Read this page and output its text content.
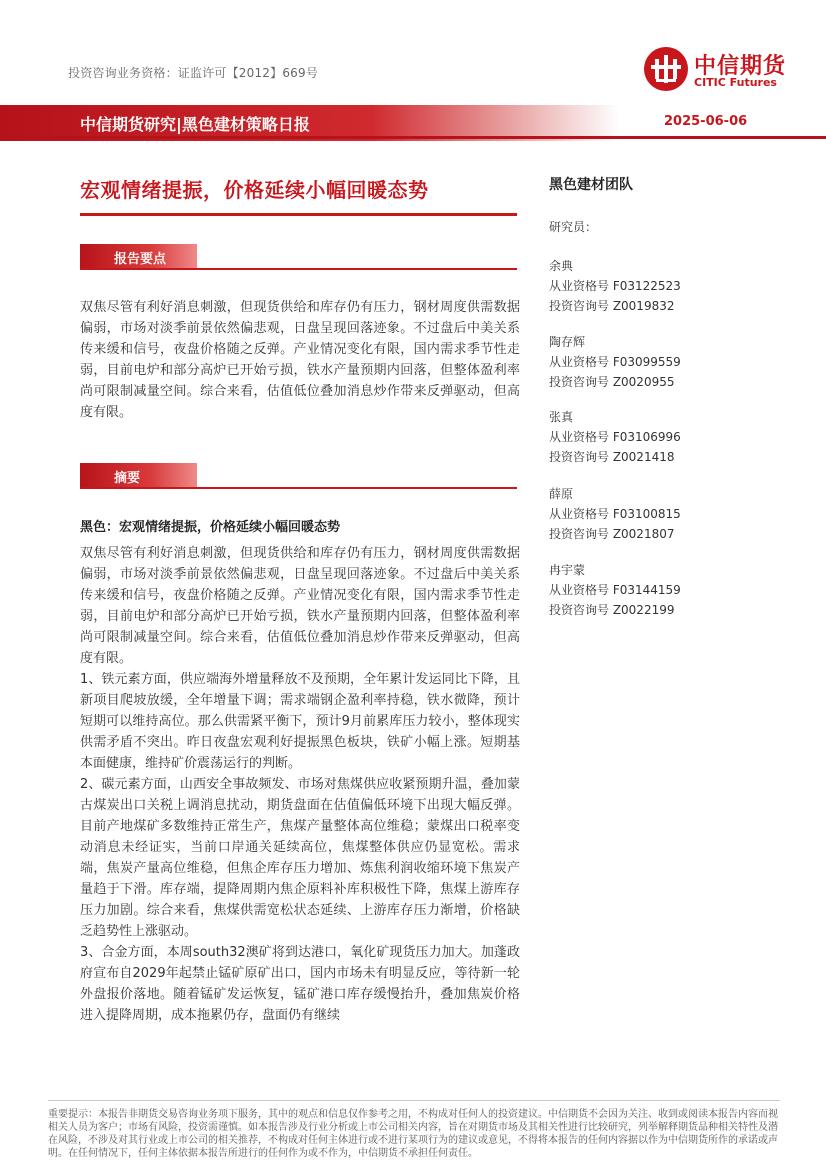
投资咨询业务资格：证监许可【2012】669号	中信期货
CITIC Futures
中信期货研究|黑色建材策略日报	2025-06-06
宏观情绪提振，价格延续小幅回暖态势
报告要点

双焦尽管有利好消息刺激，但现货供给和库存仍有压力，钢材周度供需数据偏弱，市场对淡季前景依然偏悲观，日盘呈现回落迹象。不过盘后中美关系传来缓和信号，夜盘价格随之反弹。产业情况变化有限，国内需求季节性走弱，目前电炉和部分高炉已开始亏损，铁水产量预期内回落，但整体盈利率尚可限制减量空间。综合来看，估值低位叠加消息炒作带来反弹驱动，但高度有限。

摘要
黑色：宏观情绪提振，价格延续小幅回暖态势

双焦尽管有利好消息刺激，但现货供给和库存仍有压力，钢材周度供需数据偏弱，市场对淡季前景依然偏悲观，日盘呈现回落迹象。不过盘后中美关系传来缓和信号，夜盘价格随之反弹。产业情况变化有限，国内需求季节性走弱，目前电炉和部分高炉已开始亏损，铁水产量预期内回落，但整体盈利率尚可限制减量空间。综合来看，估值低位叠加消息炒作带来反弹驱动，但高度有限。

1、铁元素方面，供应端海外增量释放不及预期，全年累计发运同比下降，且新项目爬坡放缓，全年增量下调；需求端钢企盈利率持稳，铁水微降，预计短期可以维持高位。那么供需紧平衡下，预计9月前累库压力较小，整体现实供需矛盾不突出。昨日夜盘宏观利好提振黑色板块，铁矿小幅上涨。短期基本面健康，维持矿价震荡运行的判断。

2、碳元素方面，山西安全事故频发、市场对焦煤供应收紧预期升温，叠加蒙古煤炭出口关税上调消息扰动，期货盘面在估值偏低环境下出现大幅反弹。目前产地煤矿多数维持正常生产，焦煤产量整体高位维稳；蒙煤出口税率变动消息未经证实，当前口岸通关延续高位，焦煤整体供应仍显宽松。需求端，焦炭产量高位维稳，但焦企库存压力增加、炼焦利润收缩环境下焦炭产量趋于下滑。库存端，提降周期内焦企原料补库积极性下降，焦煤上游库存压力加剧。综合来看，焦煤供需宽松状态延续、上游库存压力渐增，价格缺乏趋势性上涨驱动。

3、合金方面，本周south32澳矿将到达港口，氧化矿现货压力加大。加蓬政府宣布自2029年起禁止锰矿原矿出口，国内市场未有明显反应，等待新一轮外盘报价落地。随着锰矿发运恢复，锰矿港口库存缓慢抬升，叠加焦炭价格进入提降周期，成本拖累仍存，盘面仍有继续

黑色建材团队
研究员：
余典
从业资格号 F03122523
投资咨询号 Z0019832
陶存辉
从业资格号 F03099559
投资咨询号 Z0020955
张真
从业资格号 F03106996
投资咨询号 Z0021418
薛原
从业资格号 F03100815
投资咨询号 Z0021807
冉宇蒙
从业资格号 F03144159
投资咨询号 Z0022199
重要提示：本报告非期货交易咨询业务项下服务，其中的观点和信息仅作参考之用，不构成对任何人的投资建议。中信期货不会因为关注、收到或阅读本报告内容而视相关人员为客户；市场有风险，投资需谨慎。如本报告涉及行业分析或上市公司相关内容，旨在对期货市场及其相关性进行比较研究，列举解释期货品种相关特性及潜在风险，不涉及对其行业或上市公司的相关推荐，不构成对任何主体进行或不进行某项行为的建议或意见，不得将本报告的任何内容据以作为中信期货所作的承诺或声明。在任何情况下，任何主体依据本报告所进行的任何作为或不作为，中信期货不承担任何责任。
